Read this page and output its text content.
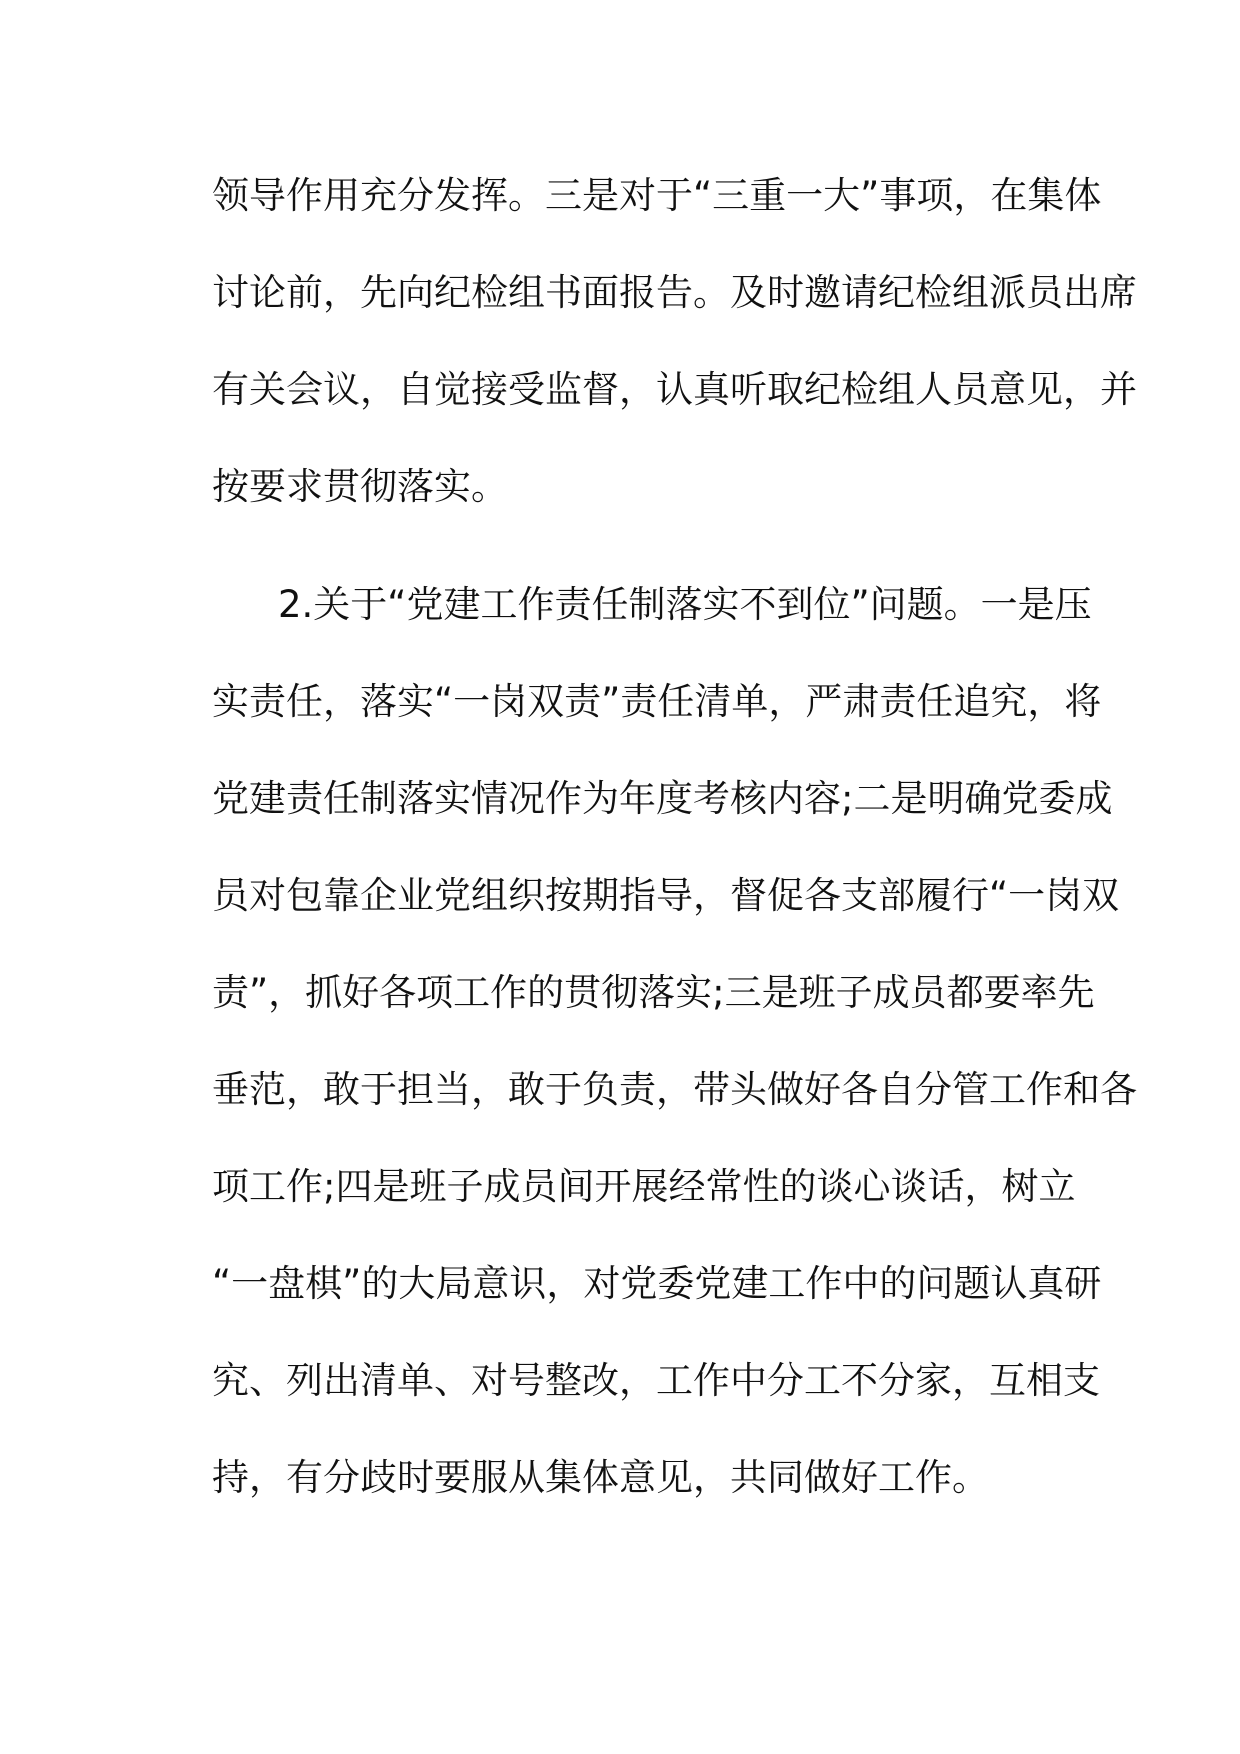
领导作用充分发挥。三是对于“三重一大”事项，在集体
讨论前，先向纪检组书面报告。及时邀请纪检组派员出席
有关会议，自觉接受监督，认真听取纪检组人员意见，并
按要求贯彻落实。
2.关于“党建工作责任制落实不到位”问题。一是压
实责任，落实“一岗双责”责任清单，严肃责任追究，将
党建责任制落实情况作为年度考核内容;二是明确党委成
员对包靠企业党组织按期指导，督促各支部履行“一岗双
责”，抓好各项工作的贯彻落实;三是班子成员都要率先
垂范，敢于担当，敢于负责，带头做好各自分管工作和各
项工作;四是班子成员间开展经常性的谈心谈话，树立
“一盘棋”的大局意识，对党委党建工作中的问题认真研
究、列出清单、对号整改，工作中分工不分家，互相支
持，有分歧时要服从集体意见，共同做好工作。
